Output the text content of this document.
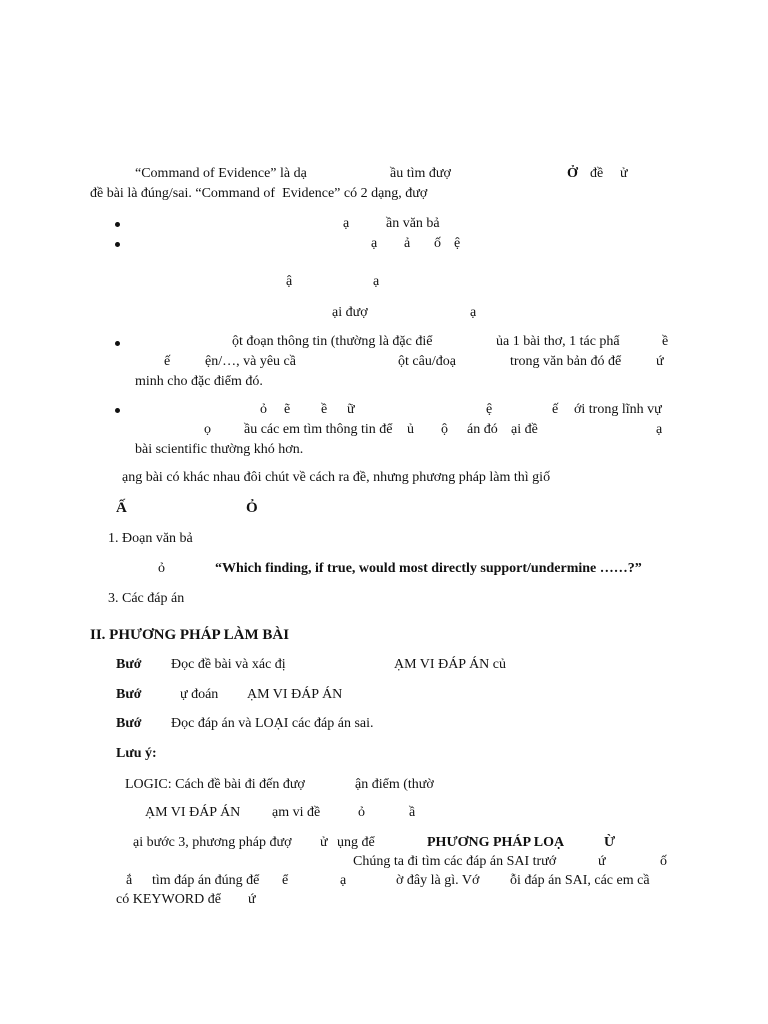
“Command of Evidence” là dạ	ầu tìm đượ	Ở đề ử
đề bài là đúng/sai. “Command of  Evidence” có 2 dạng, đượ
ạ	ần văn bả
ạ ả ố ệ
ậ	ạ
ại đượ	ạ
ột đoạn thông tin (thường là đặc điể	ủa 1 bài thơ, 1 tác phẩ	ề
ế ện/…, và yêu cầ	ột câu/đoạ	trong văn bản đó để ứ
minh cho đặc điểm đó.
ỏ ẽ ề ữ	ệ	ế ới trong lĩnh vự
ọ ầu các em tìm thông tin để ủ ộ án đó ại đề	ạ
bài scientific thường khó hơn.
ạng bài có khác nhau đôi chút về cách ra đề, nhưng phương pháp làm thì giố
Ấ	Ỏ
1. Đoạn văn bả
ỏ	“Which finding, if true, would most directly support/undermine ……?”
3. Các đáp án
II. PHƯƠNG PHÁP LÀM BÀI
Bướ Đọc đề bài và xác đị	ẠM VI ĐÁP ÁN củ
Bướ	ự đoán ẠM VI ĐÁP ÁN
Bướ Đọc đáp án và LOẠI các đáp án sai.
Lưu ý:
LOGIC: Cách đề bài đi đến đượ	ận điểm (thườ
ẠM VI ĐÁP ÁN ạm vi đề	ỏ	ầ
ại bước 3, phương pháp đượ ử ụng để	PHƯƠNG PHÁP LOẠ	Ừ
Chúng ta đi tìm các đáp án SAI trướ	ứ	ố
ắ tìm đáp án đúng để ể	ạ	ờ đây là gì. Vớ ỗi đáp án SAI, các em cầ
có KEYWORD để ứ
